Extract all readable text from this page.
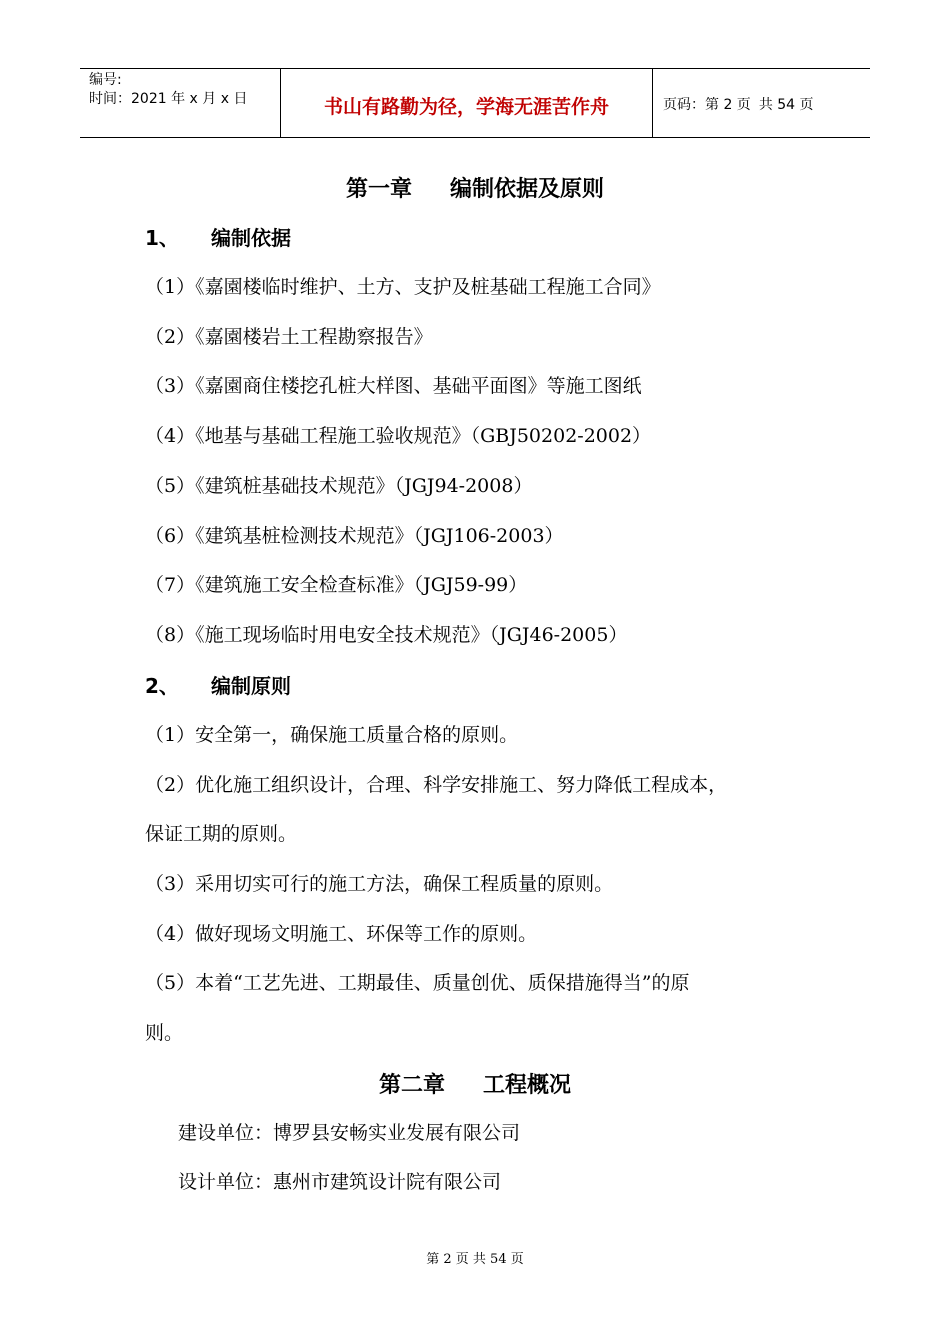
编号:
时间：2021 年 x 月 x 日	书山有路勤为径，学海无涯苦作舟	页码：第 2 页 共 54 页
第一章 编制依据及原则
1、 编制依据
（1）《嘉園楼临时维护、土方、支护及桩基础工程施工合同》
（2）《嘉園楼岩土工程勘察报告》
（3）《嘉園商住楼挖孔桩大样图、基础平面图》等施工图纸
（4）《地基与基础工程施工验收规范》（GBJ50202-2002）
（5）《建筑桩基础技术规范》（JGJ94-2008）
（6）《建筑基桩检测技术规范》（JGJ106-2003）
（7）《建筑施工安全检查标准》（JGJ59-99）
（8）《施工现场临时用电安全技术规范》（JGJ46-2005）
2、 编制原则
（1）安全第一，确保施工质量合格的原则。
（2）优化施工组织设计，合理、科学安排施工、努力降低工程成本，
保证工期的原则。
（3）采用切实可行的施工方法，确保工程质量的原则。
（4）做好现场文明施工、环保等工作的原则。
（5）本着“工艺先进、工期最佳、质量创优、质保措施得当”的原
则。
第二章 工程概况
建设单位：博罗县安畅实业发展有限公司
设计单位：惠州市建筑设计院有限公司
第 2 页 共 54 页
